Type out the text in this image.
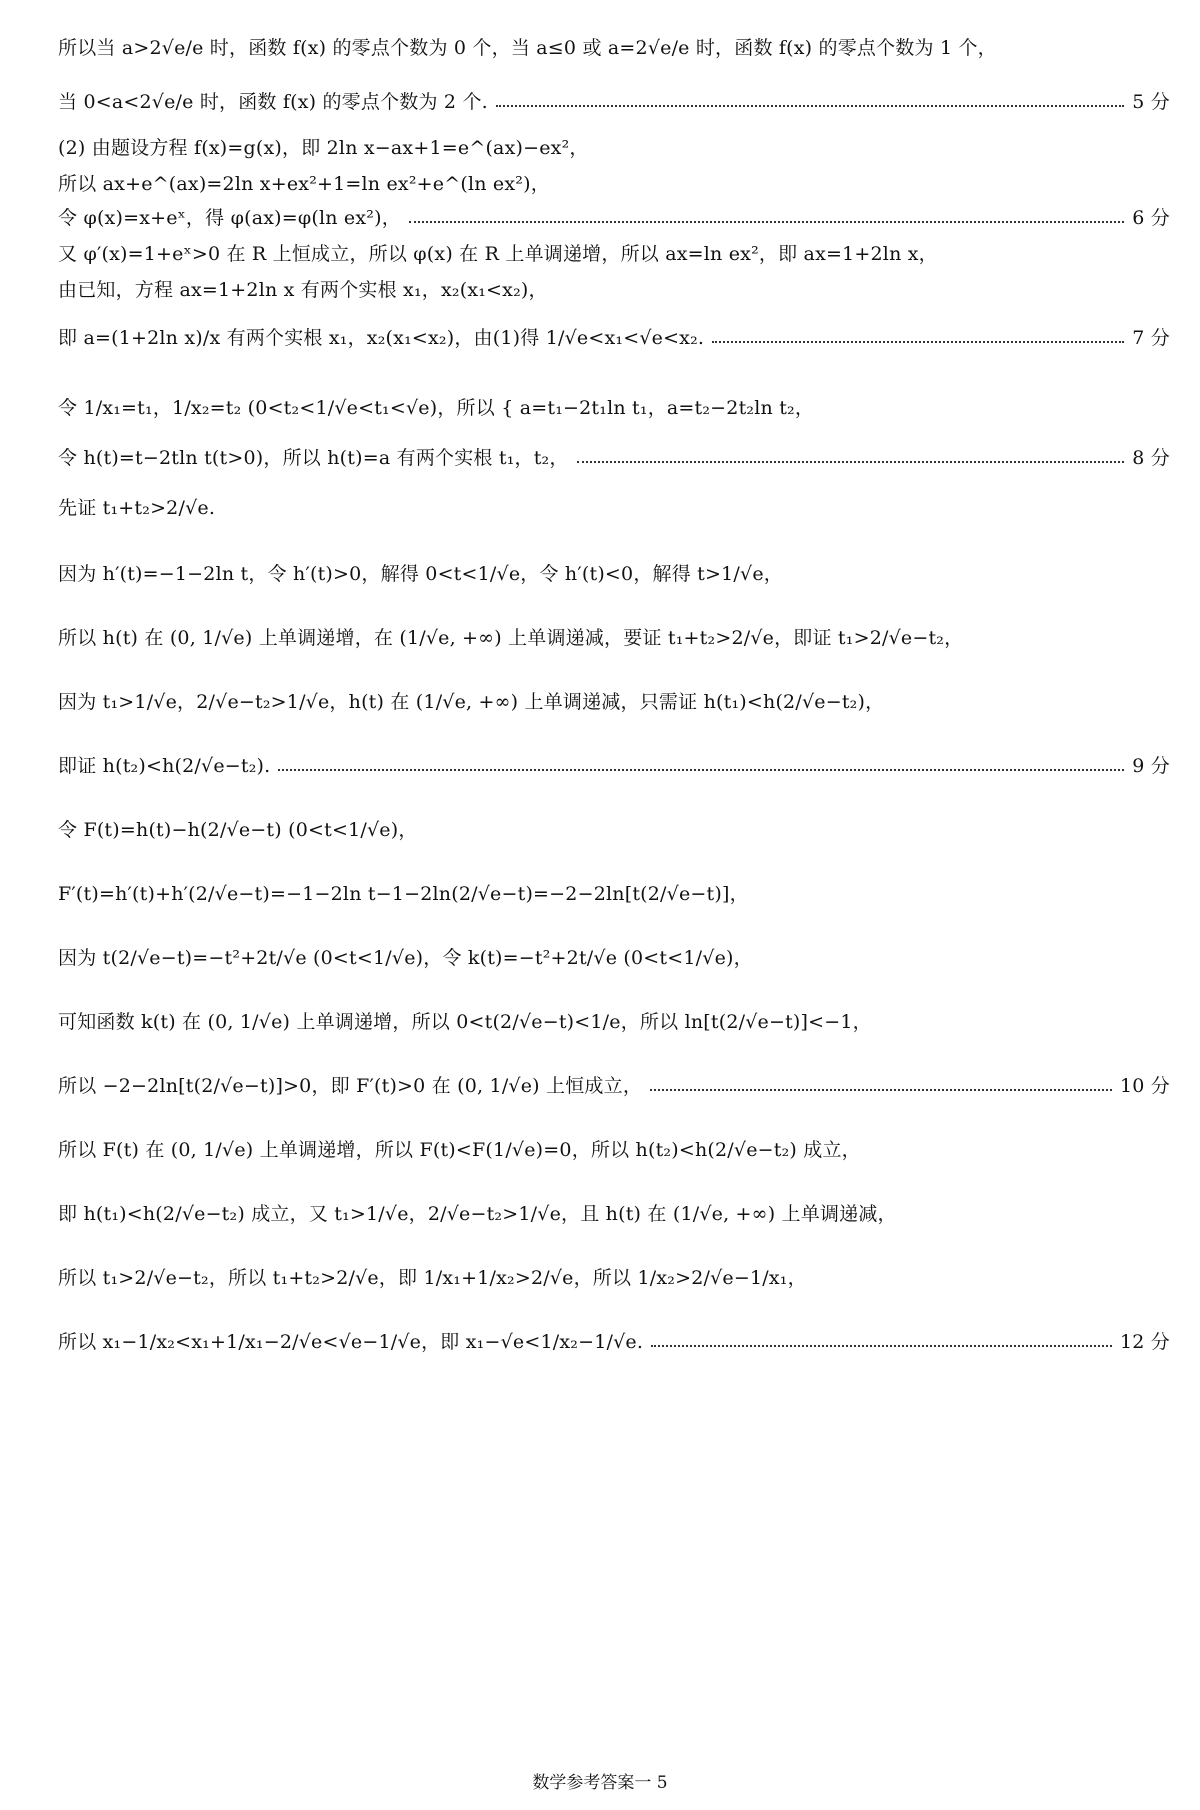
所以当 a>2√e/e 时，函数 f(x) 的零点个数为 0 个，当 a≤0 或 a=2√e/e 时，函数 f(x) 的零点个数为 1 个，
当 0<a<2√e/e 时，函数 f(x) 的零点个数为 2 个.	5 分
(2) 由题设方程 f(x)=g(x)，即 2ln x−ax+1=e^(ax)−ex²，
所以 ax+e^(ax)=2ln x+ex²+1=ln ex²+e^(ln ex²)，
令 φ(x)=x+eˣ，得 φ(ax)=φ(ln ex²)，	6 分
又 φ′(x)=1+eˣ>0 在 R 上恒成立，所以 φ(x) 在 R 上单调递增，所以 ax=ln ex²，即 ax=1+2ln x，
由已知，方程 ax=1+2ln x 有两个实根 x₁，x₂(x₁<x₂)，
即 a=(1+2ln x)/x 有两个实根 x₁，x₂(x₁<x₂)，由(1)得 1/√e<x₁<√e<x₂.	7 分
令 1/x₁=t₁，1/x₂=t₂ (0<t₂<1/√e<t₁<√e)，所以 { a=t₁−2t₁ln t₁，a=t₂−2t₂ln t₂，
令 h(t)=t−2tln t(t>0)，所以 h(t)=a 有两个实根 t₁，t₂，	8 分
先证 t₁+t₂>2/√e.
因为 h′(t)=−1−2ln t，令 h′(t)>0，解得 0<t<1/√e，令 h′(t)<0，解得 t>1/√e，
所以 h(t) 在 (0, 1/√e) 上单调递增，在 (1/√e, +∞) 上单调递减，要证 t₁+t₂>2/√e，即证 t₁>2/√e−t₂，
因为 t₁>1/√e，2/√e−t₂>1/√e，h(t) 在 (1/√e, +∞) 上单调递减，只需证 h(t₁)<h(2/√e−t₂)，
即证 h(t₂)<h(2/√e−t₂).	9 分
令 F(t)=h(t)−h(2/√e−t) (0<t<1/√e)，
F′(t)=h′(t)+h′(2/√e−t)=−1−2ln t−1−2ln(2/√e−t)=−2−2ln[t(2/√e−t)]，
因为 t(2/√e−t)=−t²+2t/√e (0<t<1/√e)，令 k(t)=−t²+2t/√e (0<t<1/√e)，
可知函数 k(t) 在 (0, 1/√e) 上单调递增，所以 0<t(2/√e−t)<1/e，所以 ln[t(2/√e−t)]<−1，
所以 −2−2ln[t(2/√e−t)]>0，即 F′(t)>0 在 (0, 1/√e) 上恒成立，	10 分
所以 F(t) 在 (0, 1/√e) 上单调递增，所以 F(t)<F(1/√e)=0，所以 h(t₂)<h(2/√e−t₂) 成立，
即 h(t₁)<h(2/√e−t₂) 成立，又 t₁>1/√e，2/√e−t₂>1/√e，且 h(t) 在 (1/√e, +∞) 上单调递减，
所以 t₁>2/√e−t₂，所以 t₁+t₂>2/√e，即 1/x₁+1/x₂>2/√e，所以 1/x₂>2/√e−1/x₁，
所以 x₁−1/x₂<x₁+1/x₁−2/√e<√e−1/√e，即 x₁−√e<1/x₂−1/√e.	12 分
数学参考答案一 5
